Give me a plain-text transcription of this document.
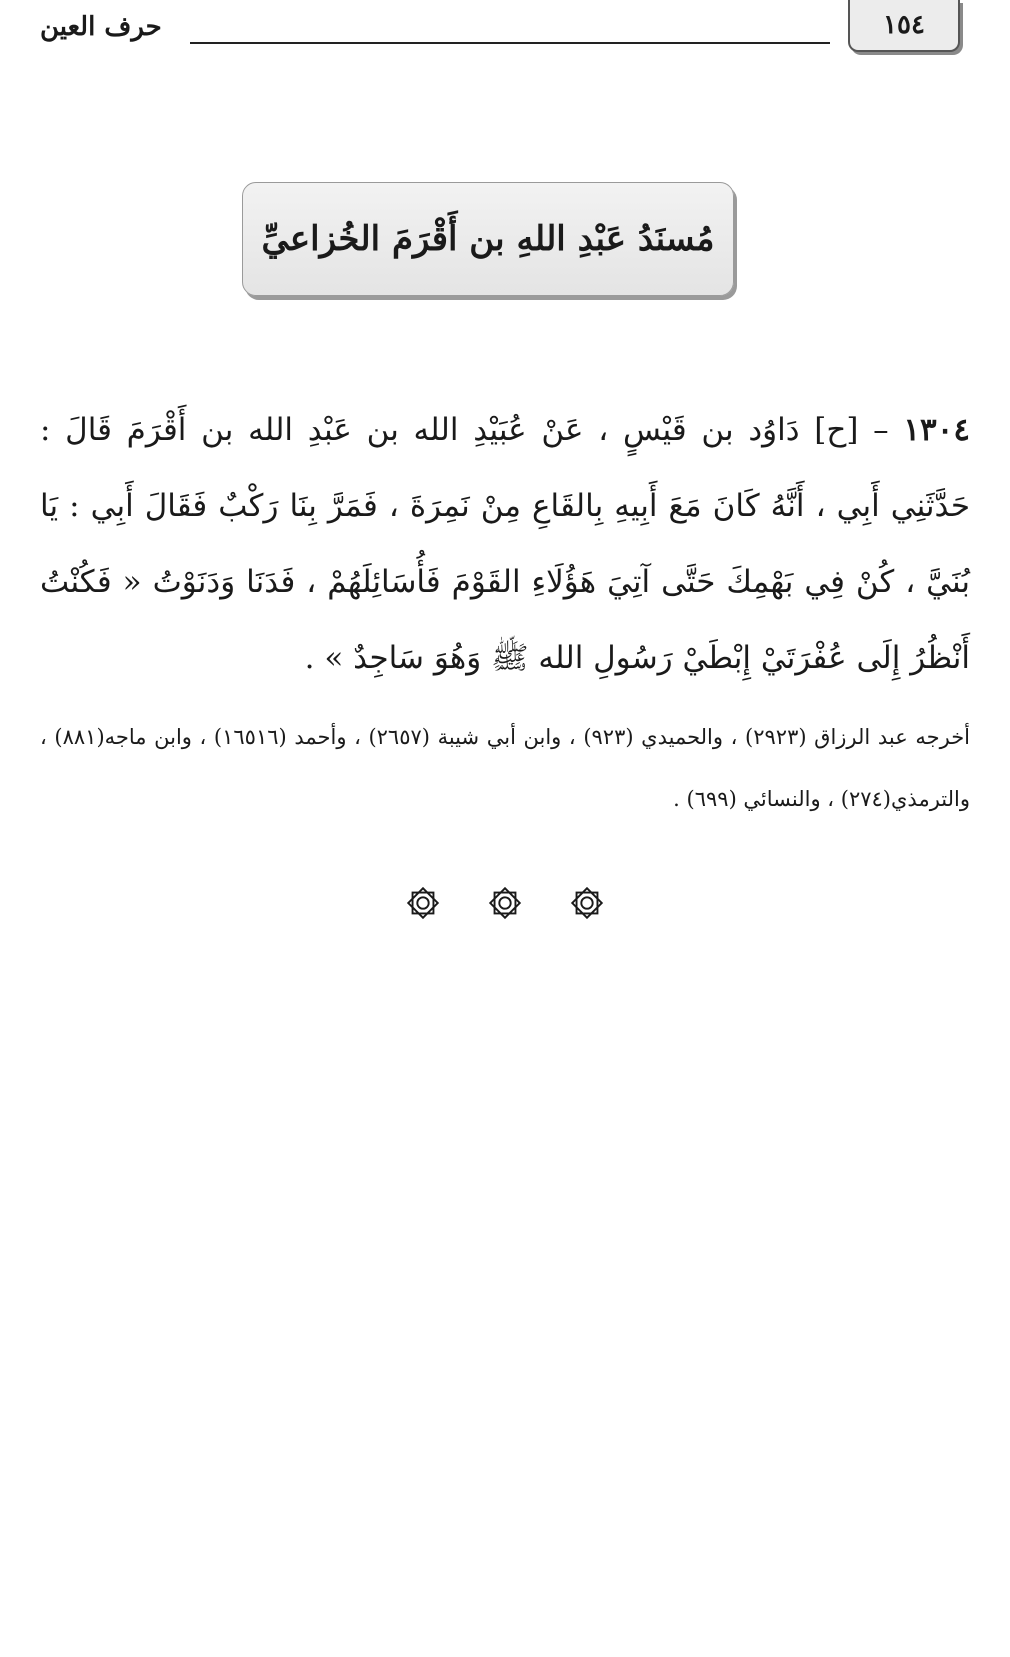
١٥٤
حرف العين
مُسنَدُ عَبْدِ اللهِ بن أَقْرَمَ الخُزاعيِّ
١٣٠٤ – [ح] دَاوُد بن قَيْسٍ ، عَنْ عُبَيْدِ الله بن عَبْدِ الله بن أَقْرَمَ قَالَ : حَدَّثَنِي أَبِي ، أَنَّهُ كَانَ مَعَ أَبِيهِ بِالقَاعِ مِنْ نَمِرَةَ ، فَمَرَّ بِنَا رَكْبٌ فَقَالَ أَبِي : يَا بُنَيَّ ، كُنْ فِي بَهْمِكَ حَتَّى آتِيَ هَؤُلَاءِ القَوْمَ فَأُسَائِلَهُمْ ، فَدَنَا وَدَنَوْتُ « فَكُنْتُ أَنْظُرُ إِلَى عُفْرَتَيْ إِبْطَيْ رَسُولِ الله ﷺ وَهُوَ سَاجِدٌ » .
أخرجه عبد الرزاق (٢٩٢٣) ، والحميدي (٩٢٣) ، وابن أبي شيبة (٢٦٥٧) ، وأحمد (١٦٥١٦) ، وابن ماجه(٨٨١) ، والترمذي(٢٧٤) ، والنسائي (٦٩٩) .
